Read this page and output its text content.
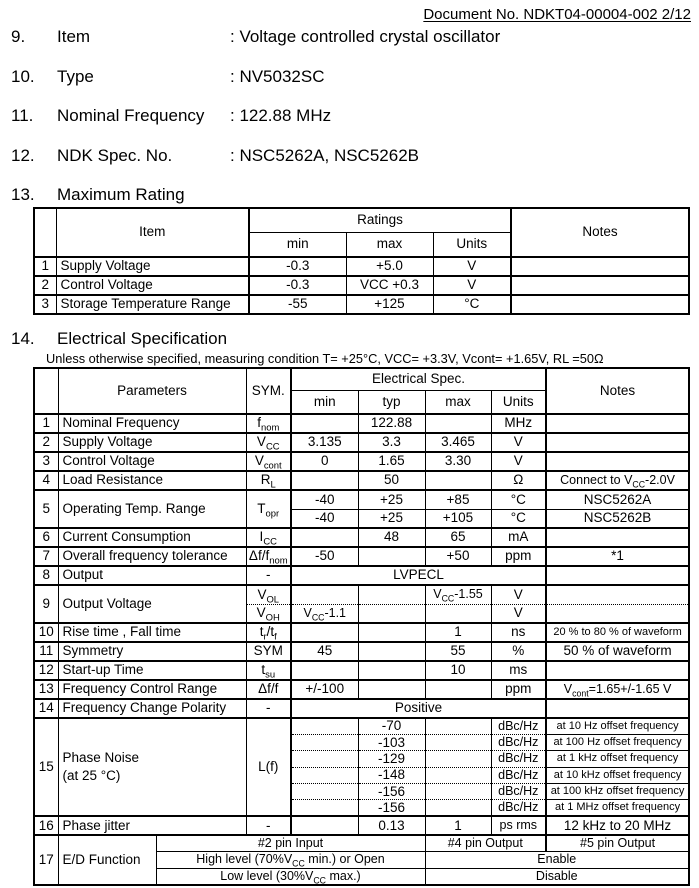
Document No. NDKT04-00004-002 2/12
9.	Item	: Voltage controlled crystal oscillator
10.	Type	: NV5032SC
11.	Nominal Frequency	: 122.88 MHz
12.	NDK Spec. No.	: NSC5262A, NSC5262B
13.	Maximum Rating
	Item	Ratings			Notes
		min	max	Units	
1	Supply Voltage	-0.3	+5.0	V	
2	Control Voltage	-0.3	VCC +0.3	V	
3	Storage Temperature Range	-55	+125	°C	
14.	Electrical Specification
Unless otherwise specified, measuring condition T= +25°C, VCC= +3.3V, Vcont= +1.65V, RL =50Ω
	Parameters		SYM.	Electrical Spec.				Notes
				min	typ	max	Units	
1	Nominal Frequency		$f_{nom}$		122.88		MHz	
2	Supply Voltage		$V_{CC}$	3.135	3.3	3.465	V	
3	Control Voltage		$V_{cont}$	0	1.65	3.30	V	
4	Load Resistance		$R_L$		50		Ω	Connect to $V_{CC}-2.0V$
5	Operating Temp. Range		$T_{opr}$	-40	+25	+85	°C	NSC5262A
				-40	+25	+105	°C	NSC5262B
6	Current Consumption		$I_{CC}$		48	65	mA	
7	Overall frequency tolerance		$\Delta f/f_{nom}$	-50		+50	ppm	*1
8	Output		-	LVPECL				
9	Output Voltage		$V_{OL}$			$V_{CC}-1.55$	V	
			$V_{OH}$	$V_{CC}-1.1$			V	
10	Rise time , Fall time		$t_r/t_f$			1	ns	20 % to 80 % of waveform
11	Symmetry		SYM	45		55	%	50 % of waveform
12	Start-up Time		$t_{su}$			10	ms	
13	Frequency Control Range		Δf/f	+/-100			ppm	$V_{cont}=1.65+/-1.65$ V
14	Frequency Change Polarity		-	Positive				
15	Phase Noise
(at 25 °C)		L(f)		-70		dBc/Hz	at 10 Hz offset frequency
					-103		dBc/Hz	at 100 Hz offset frequency
					-129		dBc/Hz	at 1 kHz offset frequency
					-148		dBc/Hz	at 10 kHz offset frequency
					-156		dBc/Hz	at 100 kHz offset frequency
					-156		dBc/Hz	at 1 MHz offset frequency
16	Phase jitter		-		0.13	1	ps rms	12 kHz to 20 MHz
17	E/D Function	#2 pin Input				#4 pin Output		#5 pin Output
		High level ($70\%V_{CC}$ min.) or Open				Enable		
		Low level ($30\%V_{CC}$ max.)				Disable		
